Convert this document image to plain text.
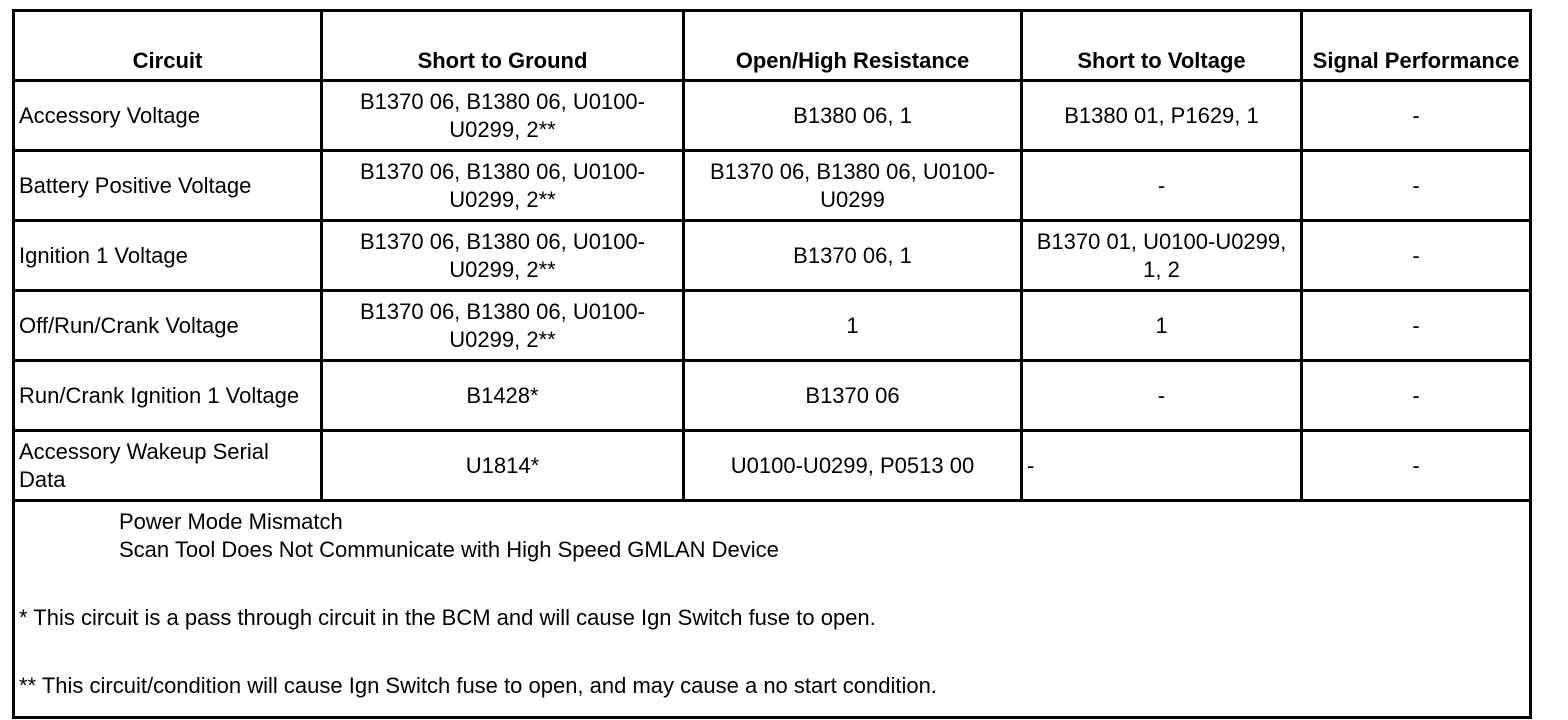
Circuit	Short to Ground	Open/High Resistance	Short to Voltage	Signal Performance
Accessory Voltage	B1370 06, B1380 06, U0100-U0299, 2**	B1380 06, 1	B1380 01, P1629, 1	-
Battery Positive Voltage	B1370 06, B1380 06, U0100-U0299, 2**	B1370 06, B1380 06, U0100-U0299	-	-
Ignition 1 Voltage	B1370 06, B1380 06, U0100-U0299, 2**	B1370 06, 1	B1370 01, U0100-U0299, 1, 2	-
Off/Run/Crank Voltage	B1370 06, B1380 06, U0100-U0299, 2**	1	1	-
Run/Crank Ignition 1 Voltage	B1428*	B1370 06	-	-
Accessory Wakeup Serial Data	U1814*	U0100-U0299, P0513 00	-	-

Power Mode Mismatch
Scan Tool Does Not Communicate with High Speed GMLAN Device
* This circuit is a pass through circuit in the BCM and will cause Ign Switch fuse to open.
** This circuit/condition will cause Ign Switch fuse to open, and may cause a no start condition.				
